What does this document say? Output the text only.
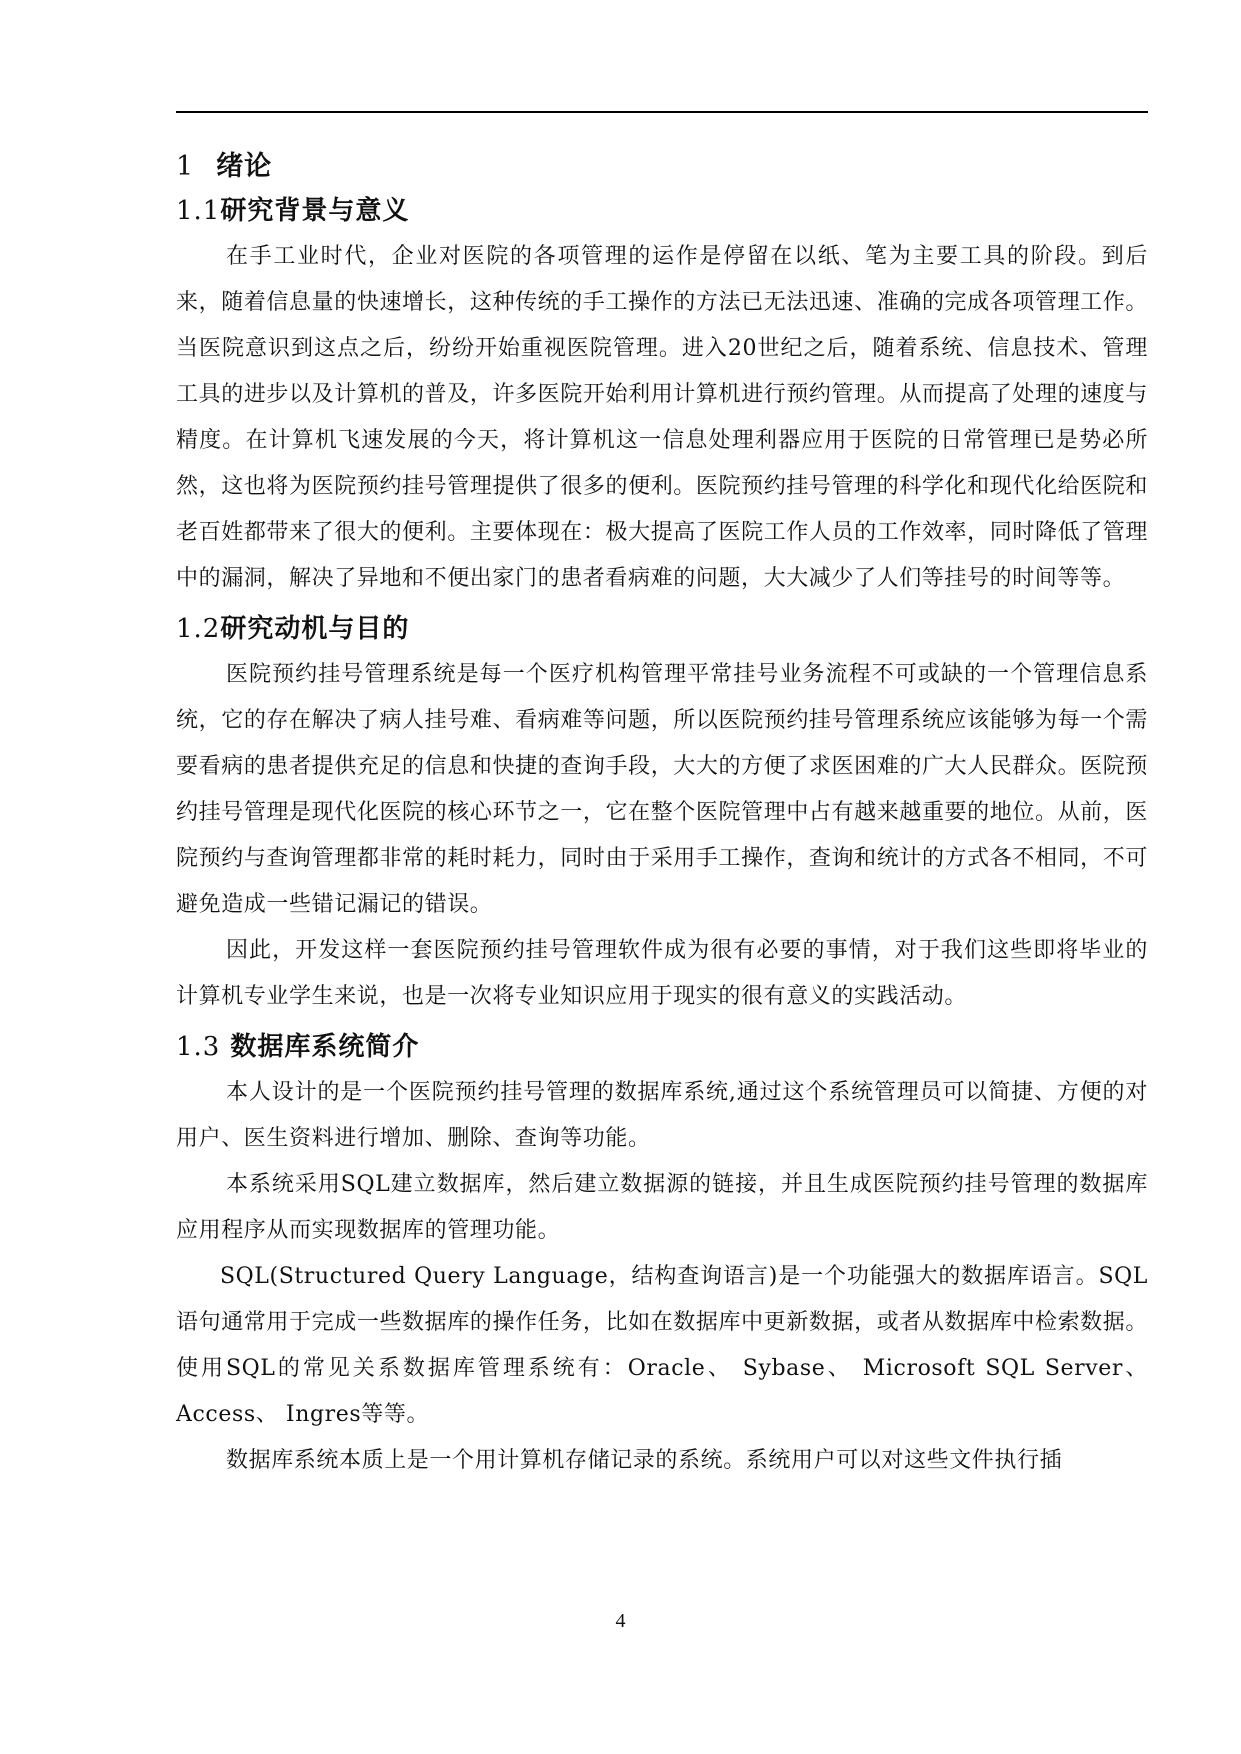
1 绪论
1.1研究背景与意义

在手工业时代，企业对医院的各项管理的运作是停留在以纸、笔为主要工具的阶段。到后来，随着信息量的快速增长，这种传统的手工操作的方法已无法迅速、准确的完成各项管理工作。当医院意识到这点之后，纷纷开始重视医院管理。进入20世纪之后，随着系统、信息技术、管理工具的进步以及计算机的普及，许多医院开始利用计算机进行预约管理。从而提高了处理的速度与精度。在计算机飞速发展的今天，将计算机这一信息处理利器应用于医院的日常管理已是势必所然，这也将为医院预约挂号管理提供了很多的便利。医院预约挂号管理的科学化和现代化给医院和老百姓都带来了很大的便利。主要体现在：极大提高了医院工作人员的工作效率，同时降低了管理中的漏洞，解决了异地和不便出家门的患者看病难的问题，大大减少了人们等挂号的时间等等。

1.2研究动机与目的

医院预约挂号管理系统是每一个医疗机构管理平常挂号业务流程不可或缺的一个管理信息系统，它的存在解决了病人挂号难、看病难等问题，所以医院预约挂号管理系统应该能够为每一个需要看病的患者提供充足的信息和快捷的查询手段，大大的方便了求医困难的广大人民群众。医院预约挂号管理是现代化医院的核心环节之一，它在整个医院管理中占有越来越重要的地位。从前，医院预约与查询管理都非常的耗时耗力，同时由于采用手工操作，查询和统计的方式各不相同，不可避免造成一些错记漏记的错误。

因此，开发这样一套医院预约挂号管理软件成为很有必要的事情，对于我们这些即将毕业的计算机专业学生来说，也是一次将专业知识应用于现实的很有意义的实践活动。

1.3 数据库系统简介

本人设计的是一个医院预约挂号管理的数据库系统,通过这个系统管理员可以简捷、方便的对用户、医生资料进行增加、删除、查询等功能。

本系统采用SQL建立数据库，然后建立数据源的链接，并且生成医院预约挂号管理的数据库应用程序从而实现数据库的管理功能。

SQL(Structured Query Language，结构查询语言)是一个功能强大的数据库语言。SQL语句通常用于完成一些数据库的操作任务，比如在数据库中更新数据，或者从数据库中检索数据。使用SQL的常见关系数据库管理系统有：Oracle、 Sybase、 Microsoft SQL Server、Access、 Ingres等等。

数据库系统本质上是一个用计算机存储记录的系统。系统用户可以对这些文件执行插

4
